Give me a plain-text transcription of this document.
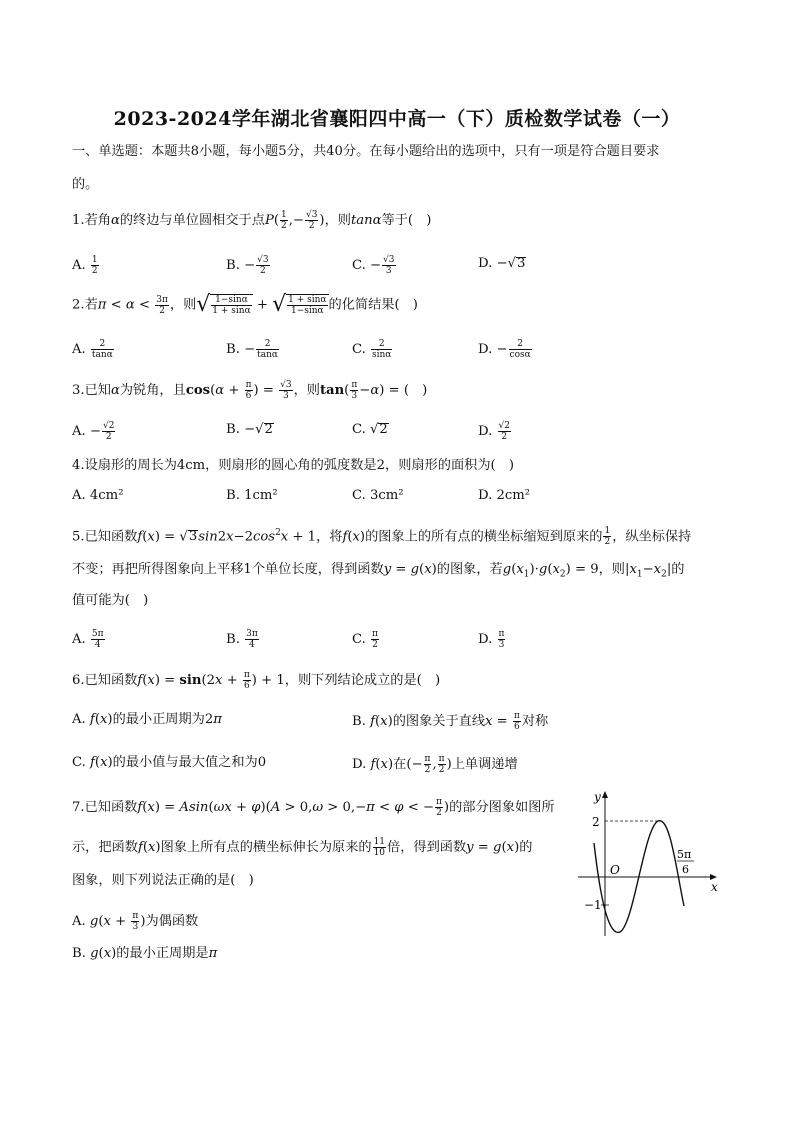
2023-2024学年湖北省襄阳四中高一（下）质检数学试卷（一）
一、单选题：本题共8小题，每小题5分，共40分。在每小题给出的选项中，只有一项是符合题目要求
的。
1.若角α的终边与单位圆相交于点$P( \frac{1}{2}$ ,− $\frac{√3}{2}$ )，则tanα等于(　)
A. $\frac{1}{2}$	B. − $\frac{√3}{2}$	C. − $\frac{√3}{3}$	D. −√3
2.若$\pi < \alpha < \frac{3\pi}{2}$ ，则√ $\frac{1-\sin\alpha}{1 + \sin\alpha}$ + √ $\frac{1 + \sin\alpha}{1-\sin\alpha}$ 的化简结果(　)
A. $\frac{2}{\tan\alpha}$	B. − $\frac{2}{\tan\alpha}$	C. $\frac{2}{\sin\alpha}$	D. − $\frac{2}{\cos\alpha}$
3.已知α为锐角，且$\cos(\alpha + \frac{\pi}{6}$ ) = $\frac{√3}{3}$ ，则$\tan( \frac{\pi}{3} -\alpha)$ = (　)
A. − $\frac{√2}{2}$	B. −√2	C. √2	D. $\frac{√2}{2}$
4.设扇形的周长为4cm，则扇形的圆心角的弧度数是2，则扇形的面积为(　)
A. 4cm²	B. 1cm²	C. 3cm²	D. 2cm²
5.已知函数$f(x) = √3\sin 2x-2\cos^2x + 1$，将f(x)的图象上的所有点的横坐标缩短到原来的 $\frac{1}{2}$ ，纵坐标保持
不变；再把所得图象向上平移1个单位长度，得到函数y = g(x)的图象，若$g(x_1)\cdot g(x_2) = 9$，则$|x_1-x_2|$的
值可能为(　)
A. $\frac{5\pi}{4}$	B. $\frac{3\pi}{4}$	C. $\frac{\pi}{2}$	D. $\frac{\pi}{3}$
6.已知函数$f(x) = \sin(2x + \frac{\pi}{6}$ ) + 1，则下列结论成立的是(　)
A. f(x)的最小正周期为2π	B. f(x)的图象关于直线$x = \frac{\pi}{6}$ 对称
C. f(x)的最小值与最大值之和为0	D. f(x)在(− $\frac{\pi}{2}$ , $\frac{\pi}{2}$ )上单调递增
7.已知函数f(x) = Asin(ωx + φ)(A > 0,ω > 0,−π < φ < − $\frac{\pi}{2}$ )的部分图象如图所
示，把函数f(x)图象上所有点的横坐标伸长为原来的 $\frac{11}{10}$ 倍，得到函数y = g(x)的
图象，则下列说法正确的是(　)
A. $g(x + \frac{\pi}{3}$ )为偶函数
B. g(x)的最小正周期是π
y
x
O
2
−1
5π
6
